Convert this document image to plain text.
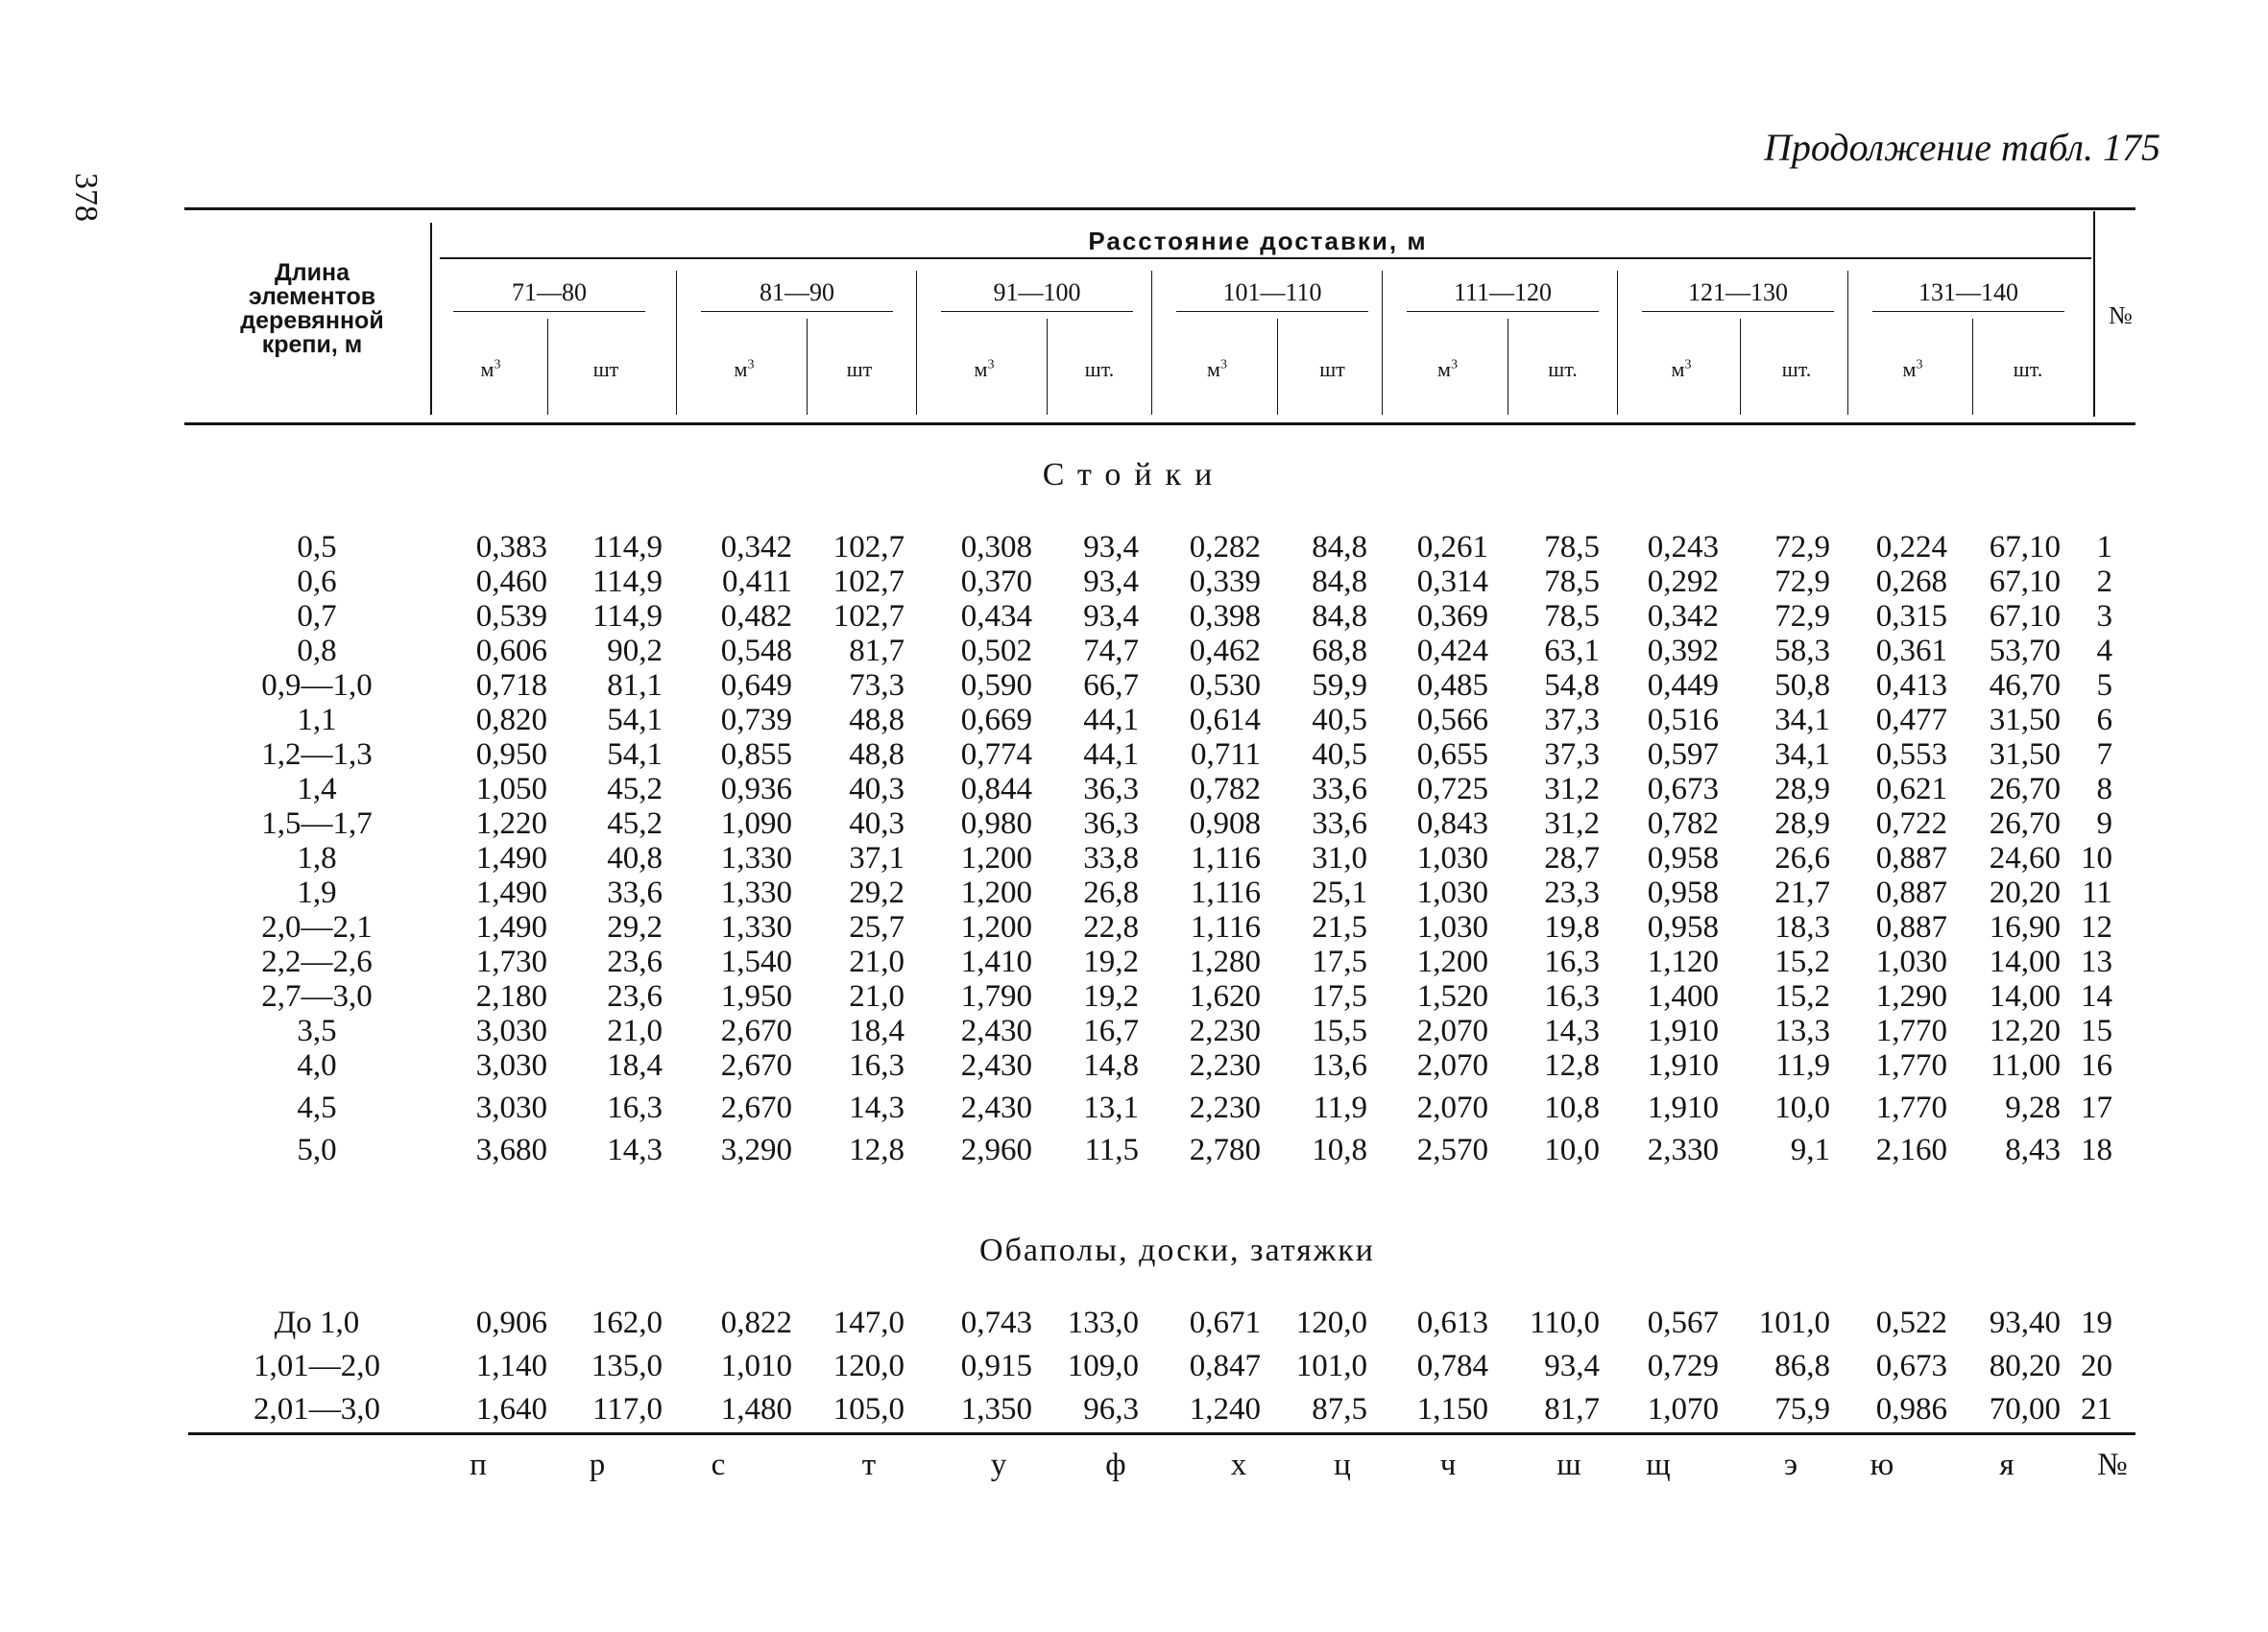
378
Продолжение табл. 175
Длина
элементов
деревянной
крепи, м
Расстояние доставки, м
№
71—80
$м^3$	шт
81—90
$м^3$	шт
91—100
$м^3$	шт.
101—110
$м^3$	шт
111—120
$м^3$	шт.
121—130
$м^3$	шт.
131—140
$м^3$	шт.
Стойки
Обаполы, доски, затяжки
0,5	0,383	114,9	0,342	102,7	0,308	93,4	0,282	84,8	0,261	78,5	0,243	72,9	0,224	67,10	1
0,6	0,460	114,9	0,411	102,7	0,370	93,4	0,339	84,8	0,314	78,5	0,292	72,9	0,268	67,10	2
0,7	0,539	114,9	0,482	102,7	0,434	93,4	0,398	84,8	0,369	78,5	0,342	72,9	0,315	67,10	3
0,8	0,606	90,2	0,548	81,7	0,502	74,7	0,462	68,8	0,424	63,1	0,392	58,3	0,361	53,70	4
0,9—1,0	0,718	81,1	0,649	73,3	0,590	66,7	0,530	59,9	0,485	54,8	0,449	50,8	0,413	46,70	5
1,1	0,820	54,1	0,739	48,8	0,669	44,1	0,614	40,5	0,566	37,3	0,516	34,1	0,477	31,50	6
1,2—1,3	0,950	54,1	0,855	48,8	0,774	44,1	0,711	40,5	0,655	37,3	0,597	34,1	0,553	31,50	7
1,4	1,050	45,2	0,936	40,3	0,844	36,3	0,782	33,6	0,725	31,2	0,673	28,9	0,621	26,70	8
1,5—1,7	1,220	45,2	1,090	40,3	0,980	36,3	0,908	33,6	0,843	31,2	0,782	28,9	0,722	26,70	9
1,8	1,490	40,8	1,330	37,1	1,200	33,8	1,116	31,0	1,030	28,7	0,958	26,6	0,887	24,60 10
1,9	1,490	33,6	1,330	29,2	1,200	26,8	1,116	25,1	1,030	23,3	0,958	21,7	0,887	20,20 11
2,0—2,1	1,490	29,2	1,330	25,7	1,200	22,8	1,116	21,5	1,030	19,8	0,958	18,3	0,887	16,90 12
2,2—2,6	1,730	23,6	1,540	21,0	1,410	19,2	1,280	17,5	1,200	16,3	1,120	15,2	1,030	14,00 13
2,7—3,0	2,180	23,6	1,950	21,0	1,790	19,2	1,620	17,5	1,520	16,3	1,400	15,2	1,290	14,00 14
3,5	3,030	21,0	2,670	18,4	2,430	16,7	2,230	15,5	2,070	14,3	1,910	13,3	1,770	12,20 15
4,0	3,030	18,4	2,670	16,3	2,430	14,8	2,230	13,6	2,070	12,8	1,910	11,9	1,770	11,00 16
4,5	3,030	16,3	2,670	14,3	2,430	13,1	2,230	11,9	2,070	10,8	1,910	10,0	1,770	9,28 17
5,0	3,680	14,3	3,290	12,8	2,960	11,5	2,780	10,8	2,570	10,0	2,330	9,1	2,160	8,43 18
До 1,0	0,906	162,0	0,822	147,0	0,743	133,0	0,671	120,0	0,613	110,0	0,567	101,0	0,522	93,40 19
1,01—2,0	1,140	135,0	1,010	120,0	0,915	109,0	0,847	101,0	0,784	93,4	0,729	86,8	0,673	80,20 20
2,01—3,0	1,640	117,0	1,480	105,0	1,350	96,3	1,240	87,5	1,150	81,7	1,070	75,9	0,986	70,00 21
п	р	с	т	у	ф	х	ц	ч	ш	щ	э	ю	я	№
